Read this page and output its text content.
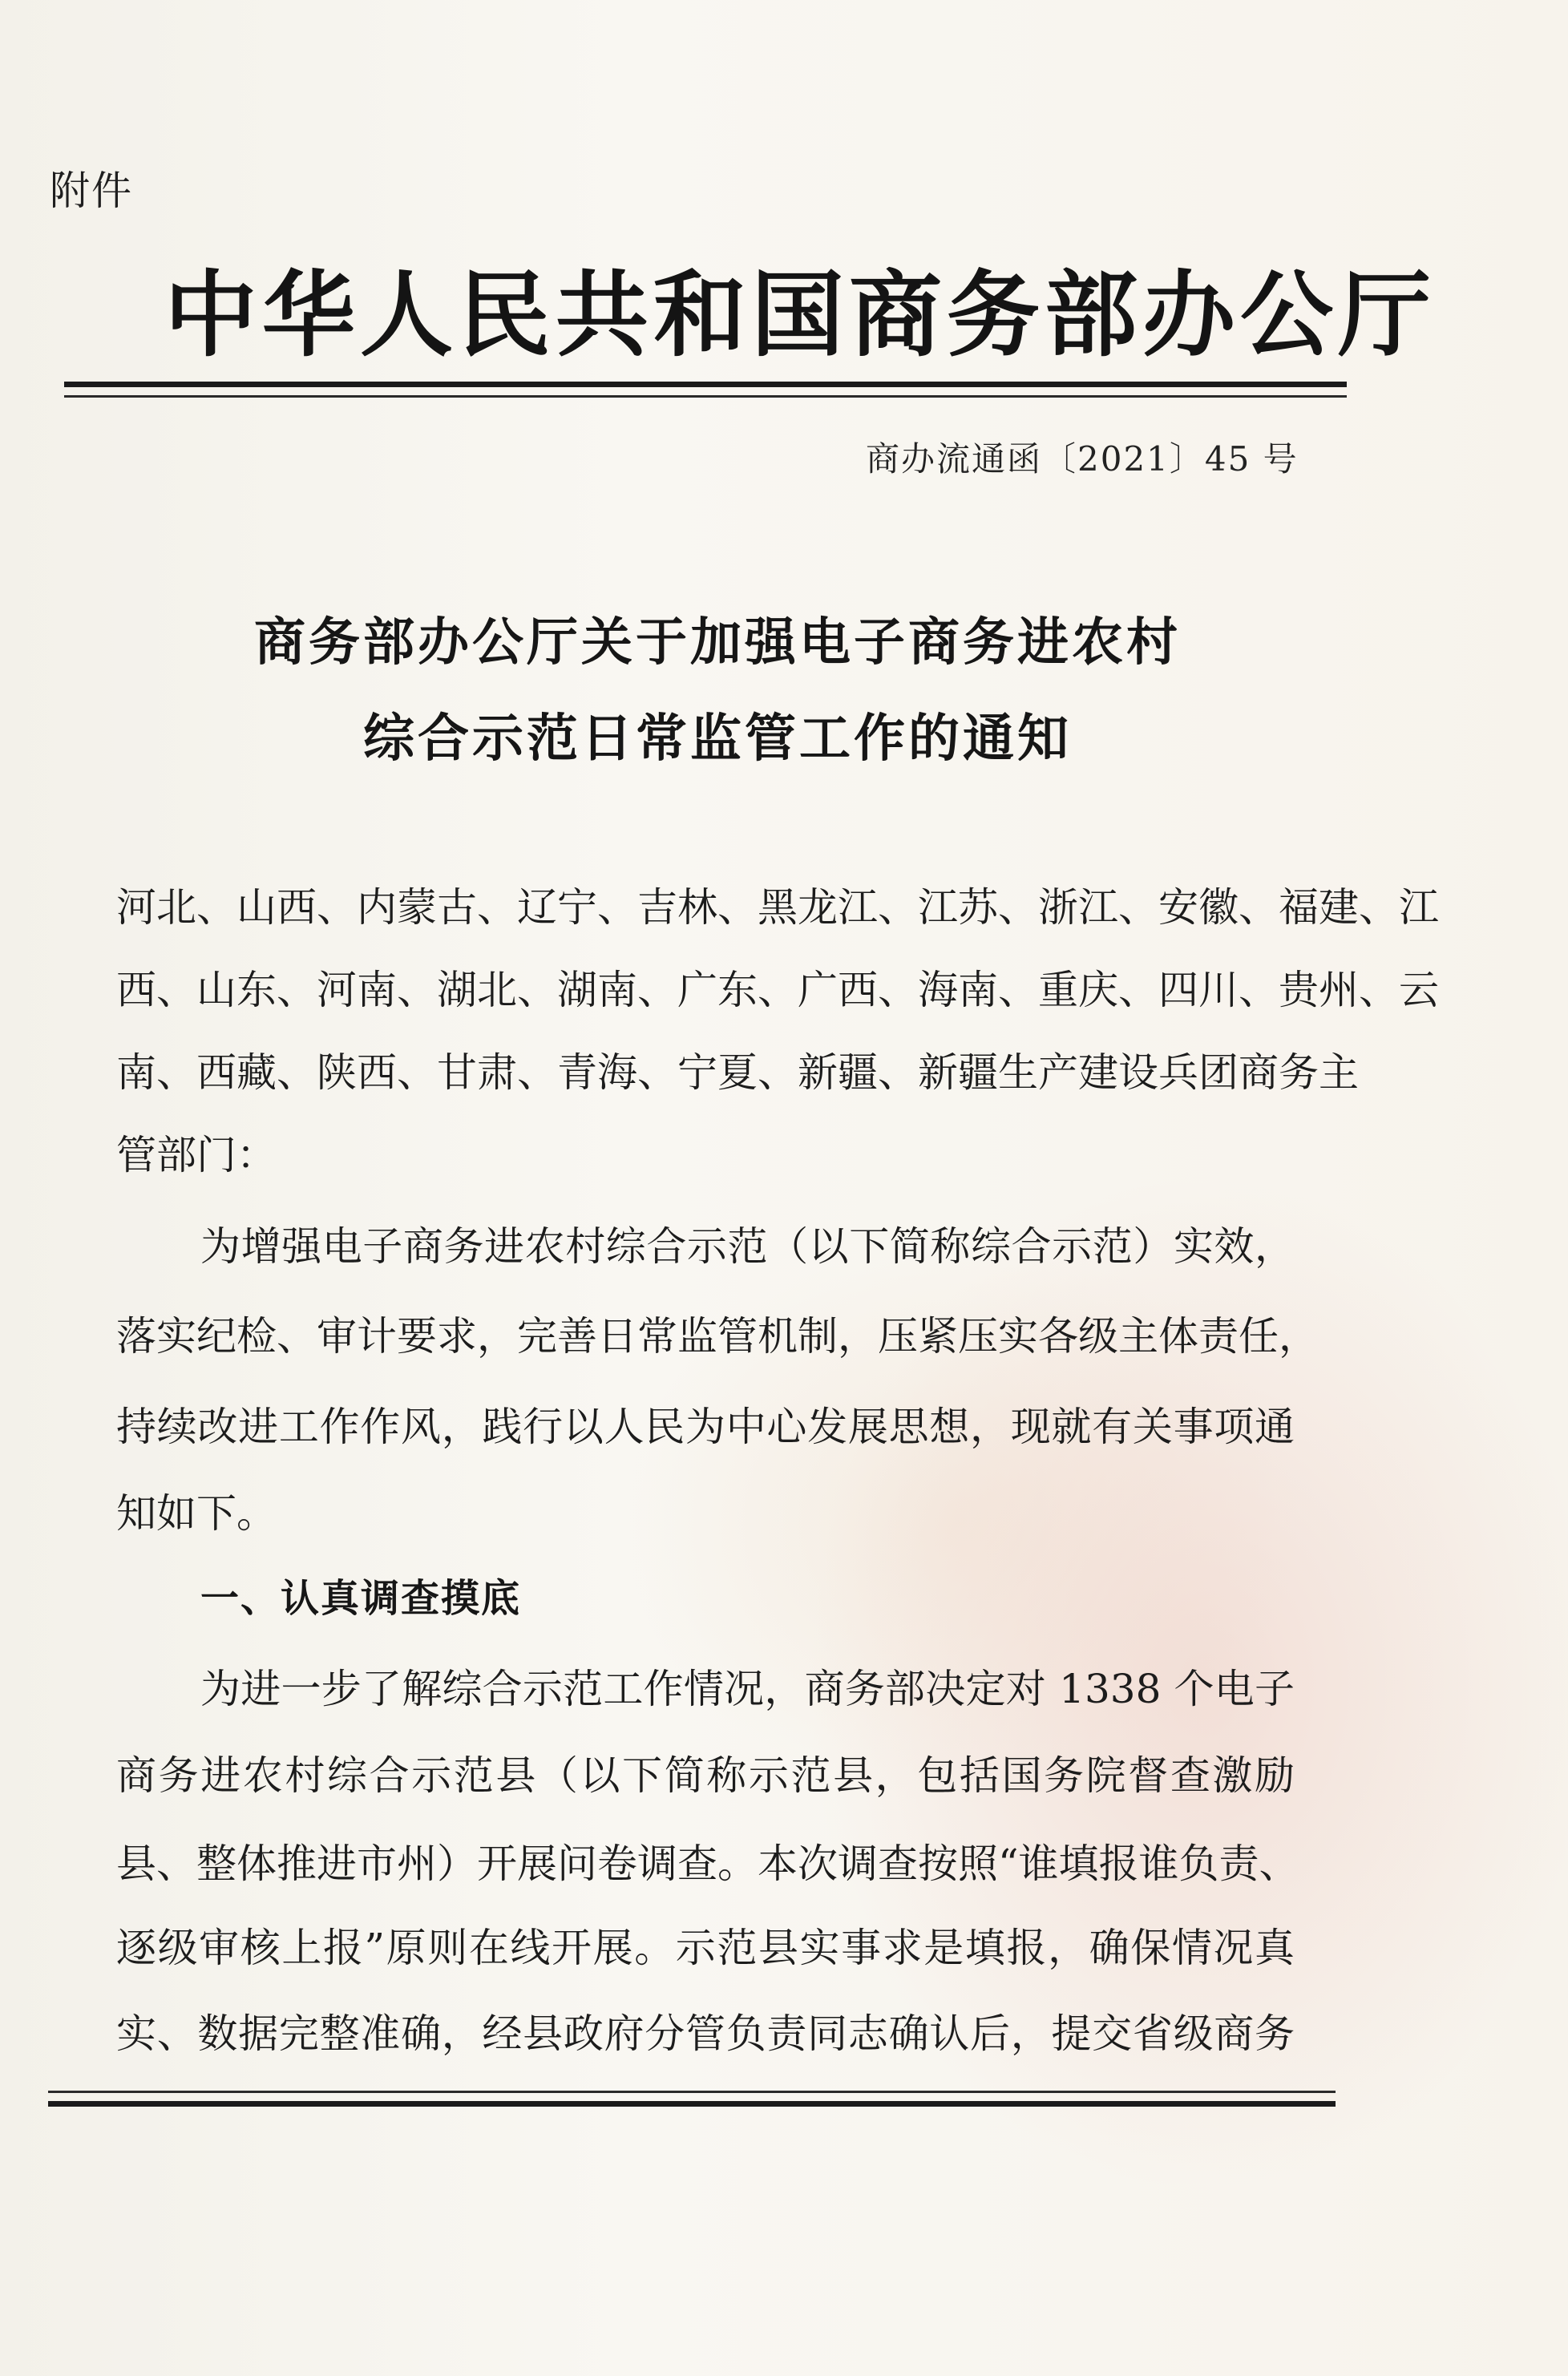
附件
中华人民共和国商务部办公厅
商办流通函〔2021〕45 号
商务部办公厅关于加强电子商务进农村
综合示范日常监管工作的通知
河北、山西、内蒙古、辽宁、吉林、黑龙江、江苏、浙江、安徽、福建、江
西、山东、河南、湖北、湖南、广东、广西、海南、重庆、四川、贵州、云
南、西藏、陕西、甘肃、青海、宁夏、新疆、新疆生产建设兵团商务主
管部门：
为增强电子商务进农村综合示范（以下简称综合示范）实效，
落实纪检、审计要求，完善日常监管机制，压紧压实各级主体责任，
持续改进工作作风，践行以人民为中心发展思想，现就有关事项通
知如下。
一、认真调查摸底
为进一步了解综合示范工作情况，商务部决定对 1338 个电子
商务进农村综合示范县（以下简称示范县，包括国务院督查激励
县、整体推进市州）开展问卷调查。本次调查按照“谁填报谁负责、
逐级审核上报”原则在线开展。示范县实事求是填报，确保情况真
实、数据完整准确，经县政府分管负责同志确认后，提交省级商务
